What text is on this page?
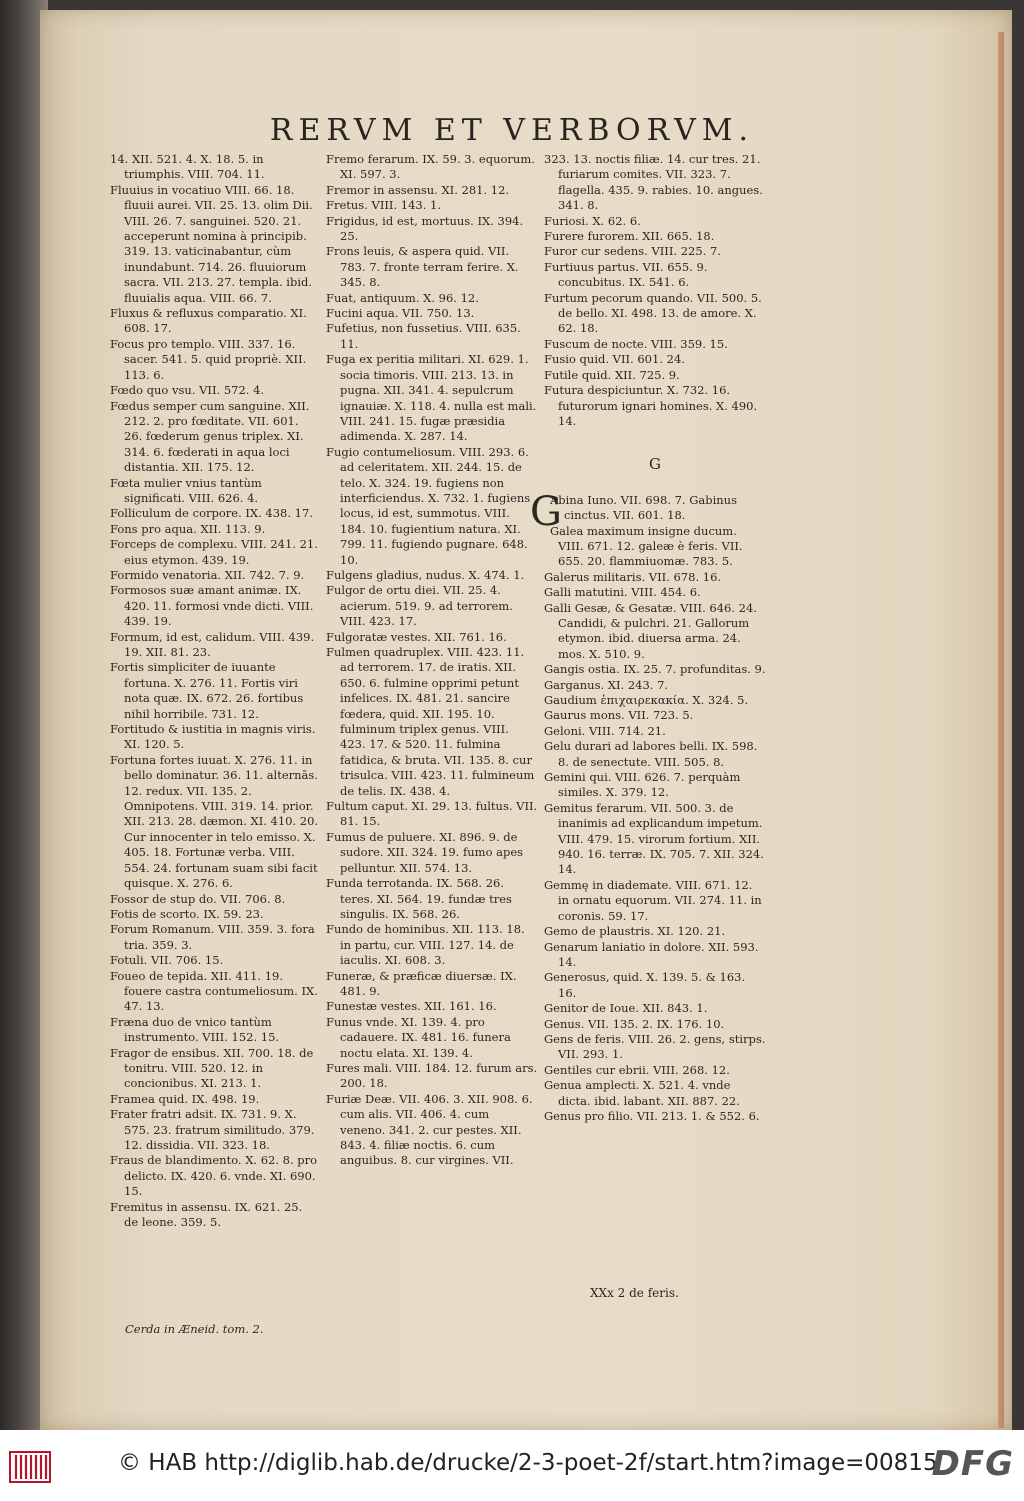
RERVM ET VERBORVM.

14. XII. 521. 4. X. 18. 5. in triumphis. VIII. 704. 11.

Fluuius in vocatiuo VIII. 66. 18. fluuii aurei. VII. 25. 13. olim Dii. VIII. 26. 7. sanguinei. 520. 21. acceperunt nomina à principib. 319. 13. vaticinabantur, cùm inundabunt. 714. 26. fluuiorum sacra. VII. 213. 27. templa. ibid. fluuialis aqua. VIII. 66. 7.

Fluxus & refluxus comparatio. XI. 608. 17.

Focus pro templo. VIII. 337. 16. sacer. 541. 5. quid propriè. XII. 113. 6.

Fœdo quo vsu. VII. 572. 4.

Fœdus semper cum sanguine. XII. 212. 2. pro fœditate. VII. 601. 26. fœderum genus triplex. XI. 314. 6. fœderati in aqua loci distantia. XII. 175. 12.

Fœta mulier vnius tantùm significati. VIII. 626. 4.

Folliculum de corpore. IX. 438. 17.

Fons pro aqua. XII. 113. 9.

Forceps de complexu. VIII. 241. 21. eius etymon. 439. 19.

Formido venatoria. XII. 742. 7. 9.

Formosos suæ amant animæ. IX. 420. 11. formosi vnde dicti. VIII. 439. 19.

Formum, id est, calidum. VIII. 439. 19. XII. 81. 23.

Fortis simpliciter de iuuante fortuna. X. 276. 11. Fortis viri nota quæ. IX. 672. 26. fortibus nihil horribile. 731. 12.

Fortitudo & iustitia in magnis viris. XI. 120. 5.

Fortuna fortes iuuat. X. 276. 11. in bello dominatur. 36. 11. alternās. 12. redux. VII. 135. 2. Omnipotens. VIII. 319. 14. prior. XII. 213. 28. dæmon. XI. 410. 20. Cur innocenter in telo emisso. X. 405. 18. Fortunæ verba. VIII. 554. 24. fortunam suam sibi facit quisque. X. 276. 6.

Fossor de stup do. VII. 706. 8.

Fotis de scorto. IX. 59. 23.

Forum Romanum. VIII. 359. 3. fora tria. 359. 3.

Fotuli. VII. 706. 15.

Foueo de tepida. XII. 411. 19. fouere castra contumeliosum. IX. 47. 13.

Fræna duo de vnico tantùm instrumento. VIII. 152. 15.

Fragor de ensibus. XII. 700. 18. de tonitru. VIII. 520. 12. in concionibus. XI. 213. 1.

Framea quid. IX. 498. 19.

Frater fratri adsit. IX. 731. 9. X. 575. 23. fratrum similitudo. 379. 12. dissidia. VII. 323. 18.

Fraus de blandimento. X. 62. 8. pro delicto. IX. 420. 6. vnde. XI. 690. 15.

Fremitus in assensu. IX. 621. 25. de leone. 359. 5.

Fremo ferarum. IX. 59. 3. equorum. XI. 597. 3.

Fremor in assensu. XI. 281. 12.

Fretus. VIII. 143. 1.

Frigidus, id est, mortuus. IX. 394. 25.

Frons leuis, & aspera quid. VII. 783. 7. fronte terram ferire. X. 345. 8.

Fuat, antiquum. X. 96. 12.

Fucini aqua. VII. 750. 13.

Fufetius, non fussetius. VIII. 635. 11.

Fuga ex peritia militari. XI. 629. 1. socia timoris. VIII. 213. 13. in pugna. XII. 341. 4. sepulcrum ignauiæ. X. 118. 4. nulla est mali. VIII. 241. 15. fugæ præsidia adimenda. X. 287. 14.

Fugio contumeliosum. VIII. 293. 6. ad celeritatem. XII. 244. 15. de telo. X. 324. 19. fugiens non interficiendus. X. 732. 1. fugiens locus, id est, summotus. VIII. 184. 10. fugientium natura. XI. 799. 11. fugiendo pugnare. 648. 10.

Fulgens gladius, nudus. X. 474. 1.

Fulgor de ortu diei. VII. 25. 4. acierum. 519. 9. ad terrorem. VIII. 423. 17.

Fulgoratæ vestes. XII. 761. 16.

Fulmen quadruplex. VIII. 423. 11. ad terrorem. 17. de iratis. XII. 650. 6. fulmine opprimi petunt infelices. IX. 481. 21. sancire fœdera, quid. XII. 195. 10. fulminum triplex genus. VIII. 423. 17. & 520. 11. fulmina fatidica, & bruta. VII. 135. 8. cur trisulca. VIII. 423. 11. fulmineum de telis. IX. 438. 4.

Fultum caput. XI. 29. 13. fultus. VII. 81. 15.

Fumus de puluere. XI. 896. 9. de sudore. XII. 324. 19. fumo apes pelluntur. XII. 574. 13.

Funda terrotanda. IX. 568. 26. teres. XI. 564. 19. fundæ tres singulis. IX. 568. 26.

Fundo de hominibus. XII. 113. 18. in partu, cur. VIII. 127. 14. de iaculis. XI. 608. 3.

Funeræ, & præficæ diuersæ. IX. 481. 9.

Funestæ vestes. XII. 161. 16.

Funus vnde. XI. 139. 4. pro cadauere. IX. 481. 16. funera noctu elata. XI. 139. 4.

Fures mali. VIII. 184. 12. furum ars. 200. 18.

Furiæ Deæ. VII. 406. 3. XII. 908. 6. cum alis. VII. 406. 4. cum veneno. 341. 2. cur pestes. XII. 843. 4. filiæ noctis. 6. cum anguibus. 8. cur virgines. VII.

323. 13. noctis filiæ. 14. cur tres. 21. furiarum comites. VII. 323. 7. flagella. 435. 9. rabies. 10. angues. 341. 8.

Furiosi. X. 62. 6.

Furere furorem. XII. 665. 18.

Furor cur sedens. VIII. 225. 7.

Furtiuus partus. VII. 655. 9. concubitus. IX. 541. 6.

Furtum pecorum quando. VII. 500. 5. de bello. XI. 498. 13. de amore. X. 62. 18.

Fuscum de nocte. VIII. 359. 15.

Fusio quid. VII. 601. 24.

Futile quid. XII. 725. 9.

Futura despiciuntur. X. 732. 16. futurorum ignari homines. X. 490. 14.

G

G
Abina Iuno. VII. 698. 7. Gabinus cinctus. VII. 601. 18.

Galea maximum insigne ducum. VIII. 671. 12. galeæ è feris. VII. 655. 20. flammiuomæ. 783. 5.

Galerus militaris. VII. 678. 16.

Galli matutini. VIII. 454. 6.

Galli Gesæ, & Gesatæ. VIII. 646. 24. Candidi, & pulchri. 21. Gallorum etymon. ibid. diuersa arma. 24. mos. X. 510. 9.

Gangis ostia. IX. 25. 7. profunditas. 9.

Garganus. XI. 243. 7.

Gaudium ἐπιχαιρεκακία. X. 324. 5.

Gaurus mons. VII. 723. 5.

Geloni. VIII. 714. 21.

Gelu durari ad labores belli. IX. 598. 8. de senectute. VIII. 505. 8.

Gemini qui. VIII. 626. 7. perquàm similes. X. 379. 12.

Gemitus ferarum. VII. 500. 3. de inanimis ad explicandum impetum. VIII. 479. 15. virorum fortium. XII. 940. 16. terræ. IX. 705. 7. XII. 324. 14.

Gemmę in diademate. VIII. 671. 12. in ornatu equorum. VII. 274. 11. in coronis. 59. 17.

Gemo de plaustris. XI. 120. 21.

Genarum laniatio in dolore. XII. 593. 14.

Generosus, quid. X. 139. 5. & 163. 16.

Genitor de Ioue. XII. 843. 1.

Genus. VII. 135. 2. IX. 176. 10.

Gens de feris. VIII. 26. 2. gens, stirps. VII. 293. 1.

Gentiles cur ebrii. VIII. 268. 12.

Genua amplecti. X. 521. 4. vnde dicta. ibid. labant. XII. 887. 22.

Genus pro filio. VII. 213. 1. & 552. 6.

XXx 2 de feris.
Cerda in Æneid. tom. 2.
© HAB http://diglib.hab.de/drucke/2-3-poet-2f/start.htm?image=00815
DFG
